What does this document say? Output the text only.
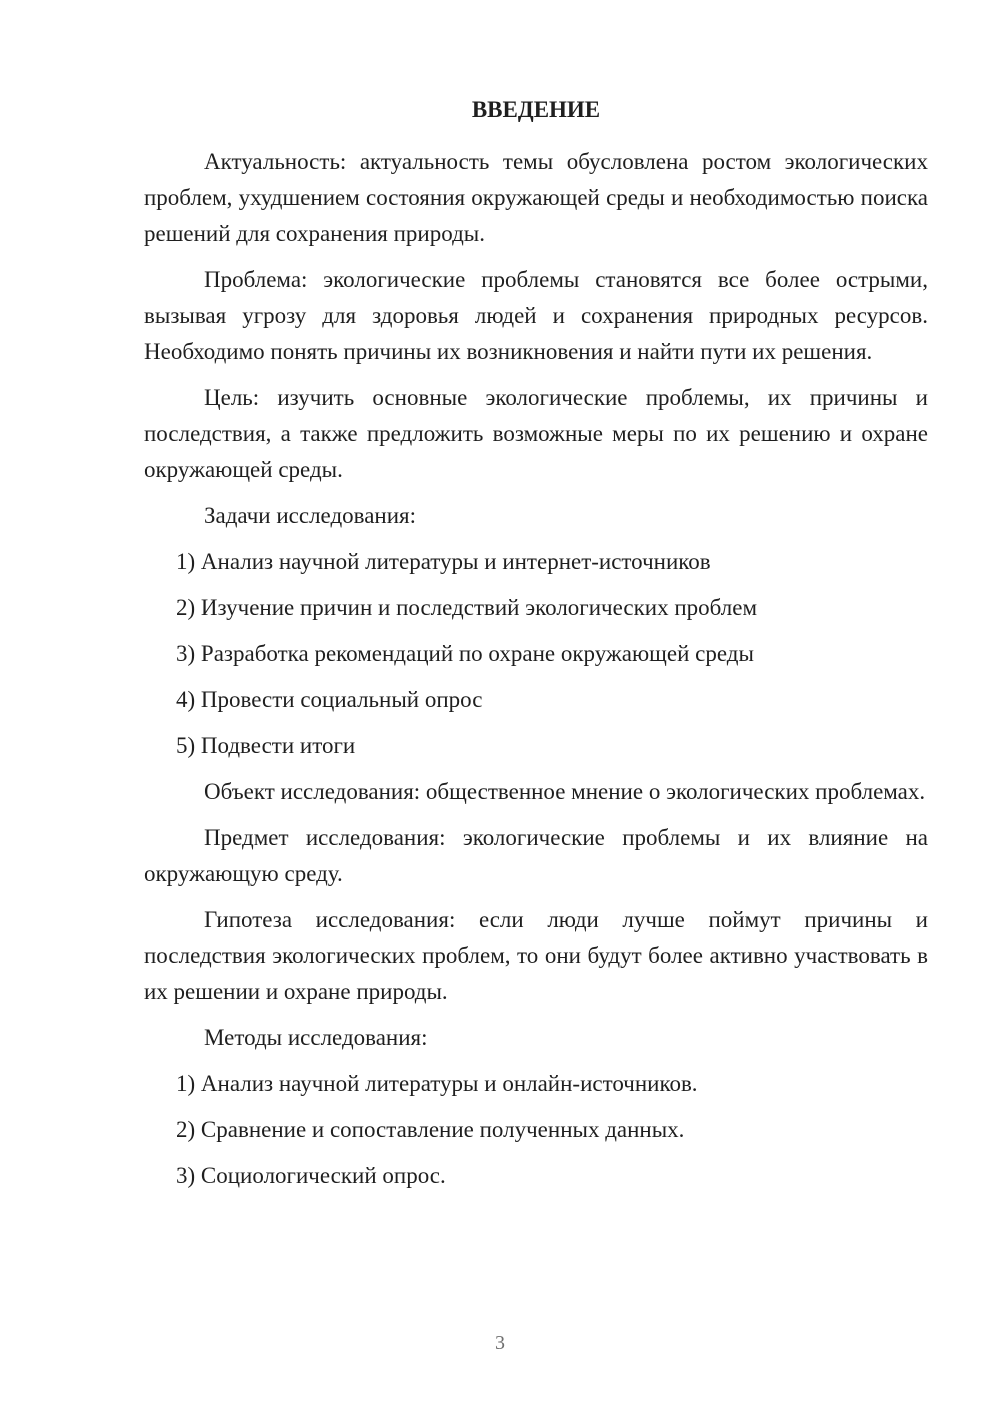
ВВЕДЕНИЕ

Актуальность: актуальность темы обусловлена ростом экологических проблем, ухудшением состояния окружающей среды и необходимостью поиска решений для сохранения природы.

Проблема: экологические проблемы становятся все более острыми, вызывая угрозу для здоровья людей и сохранения природных ресурсов. Необходимо понять причины их возникновения и найти пути их решения.

Цель: изучить основные экологические проблемы, их причины и последствия, а также предложить возможные меры по их решению и охране окружающей среды.

Задачи исследования:

1) Анализ научной литературы и интернет-источников
2) Изучение причин и последствий экологических проблем
3) Разработка рекомендаций по охране окружающей среды
4) Провести социальный опрос
5) Подвести итоги

Объект исследования: общественное мнение о экологических проблемах.

Предмет исследования: экологические проблемы и их влияние на окружающую среду.

Гипотеза исследования: если люди лучше поймут причины и последствия экологических проблем, то они будут более активно участвовать в их решении и охране природы.

Методы исследования:

1) Анализ научной литературы и онлайн-источников.
2) Сравнение и сопоставление полученных данных.
3) Социологический опрос.
3
